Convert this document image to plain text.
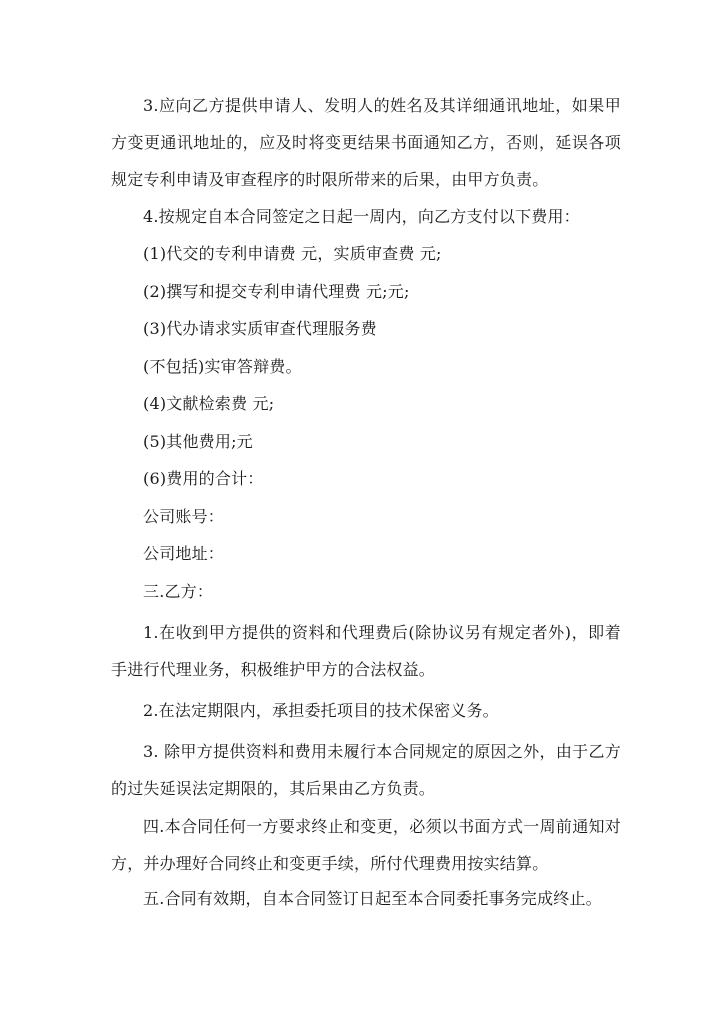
3.应向乙方提供申请人、发明人的姓名及其详细通讯地址，如果甲方变更通讯地址的，应及时将变更结果书面通知乙方，否则，延误各项规定专利申请及审查程序的时限所带来的后果，由甲方负责。

4.按规定自本合同签定之日起一周内，向乙方支付以下费用：

(1)代交的专利申请费 元，实质审查费 元;

(2)撰写和提交专利申请代理费 元;元;

(3)代办请求实质审查代理服务费

(不包括)实审答辩费。

(4)文献检索费 元;

(5)其他费用;元

(6)费用的合计：

公司账号：

公司地址：

三.乙方：

1.在收到甲方提供的资料和代理费后(除协议另有规定者外)，即着手进行代理业务，积极维护甲方的合法权益。

2.在法定期限内，承担委托项目的技术保密义务。

3. 除甲方提供资料和费用未履行本合同规定的原因之外，由于乙方的过失延误法定期限的，其后果由乙方负责。

四.本合同任何一方要求终止和变更，必须以书面方式一周前通知对方，并办理好合同终止和变更手续，所付代理费用按实结算。

五.合同有效期，自本合同签订日起至本合同委托事务完成终止。
